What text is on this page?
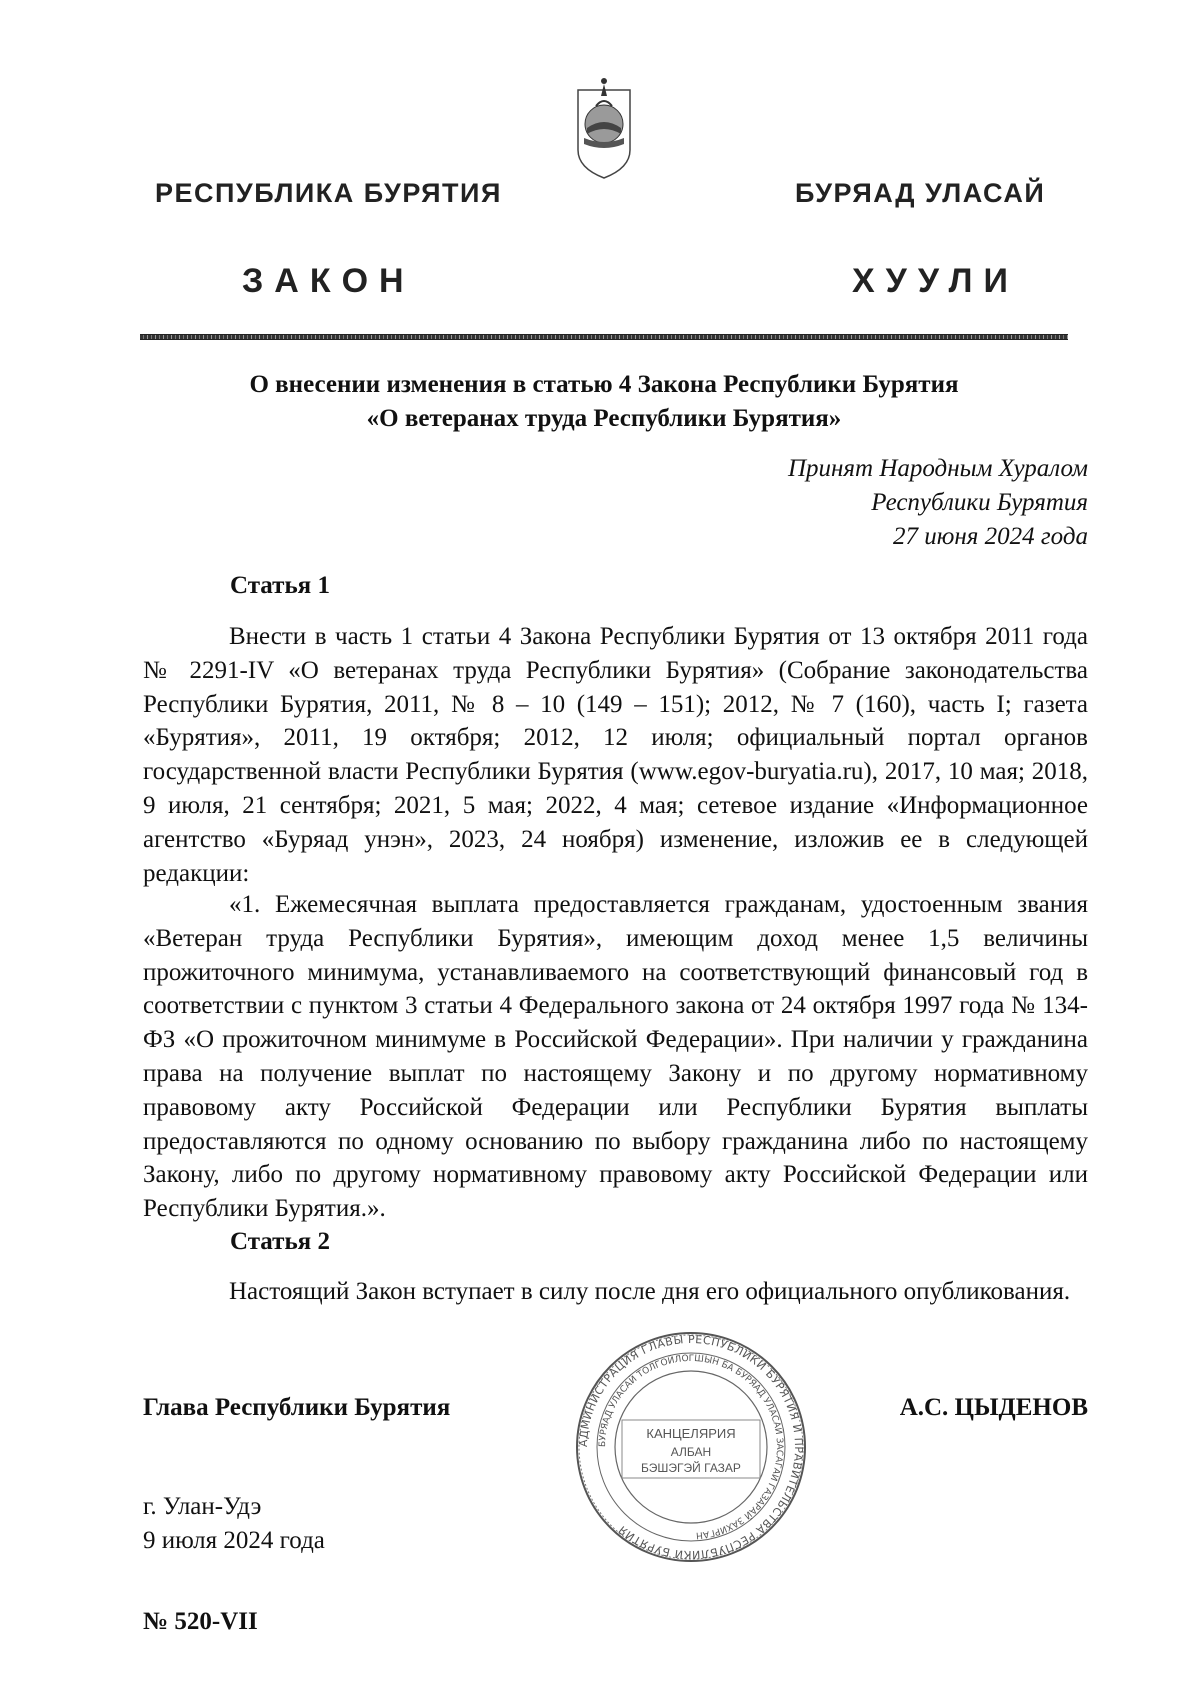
РЕСПУБЛИКА БУРЯТИЯ	БУРЯАД УЛАСАЙ
ЗАКОН	ХУУЛИ
О внесении изменения в статью 4 Закона Республики Бурятия
«О ветеранах труда Республики Бурятия»
Принят Народным Хуралом
Республики Бурятия
27 июня 2024 года
Статья 1

Внести в часть 1 статьи 4 Закона Республики Бурятия от 13 октября 2011 года № 2291-IV «О ветеранах труда Республики Бурятия» (Собрание законодательства Республики Бурятия, 2011, № 8 – 10 (149 – 151); 2012, № 7 (160), часть I; газета «Бурятия», 2011, 19 октября; 2012, 12 июля; официальный портал органов государственной власти Республики Бурятия (www.egov-buryatia.ru), 2017, 10 мая; 2018, 9 июля, 21 сентября; 2021, 5 мая; 2022, 4 мая; сетевое издание «Информационное агентство «Буряад унэн», 2023, 24 ноября) изменение, изложив ее в следующей редакции:

«1. Ежемесячная выплата предоставляется гражданам, удостоенным звания «Ветеран труда Республики Бурятия», имеющим доход менее 1,5 величины прожиточного минимума, устанавливаемого на соответствующий финансовый год в соответствии с пунктом 3 статьи 4 Федерального закона от 24 октября 1997 года № 134-ФЗ «О прожиточном минимуме в Российской Федерации». При наличии у гражданина права на получение выплат по настоящему Закону и по другому нормативному правовому акту Российской Федерации или Республики Бурятия выплаты предоставляются по одному основанию по выбору гражданина либо по настоящему Закону, либо по другому нормативному правовому акту Российской Федерации или Республики Бурятия.».

Статья 2

Настоящий Закон вступает в силу после дня его официального опубликования.

Глава Республики Бурятия	А.С. ЦЫДЕНОВ
АДМИНИСТРАЦИЯ ГЛАВЫ РЕСПУБЛИКИ БУРЯТИЯ И ПРАВИТЕЛЬСТВА РЕСПУБЛИКИ БУРЯТИЯ
БУРЯАД УЛАСАЙ ТОЛГОЙЛОГШЫН БА БУРЯАД УЛАСАЙ ЗАСАГАЙ ГАЗАРАЙ ЗАХИРГАН
КАНЦЕЛЯРИЯ
АЛБАН
БЭШЭГЭЙ ГАЗАР
г. Улан-Удэ
9 июля 2024 года
№ 520-VII
